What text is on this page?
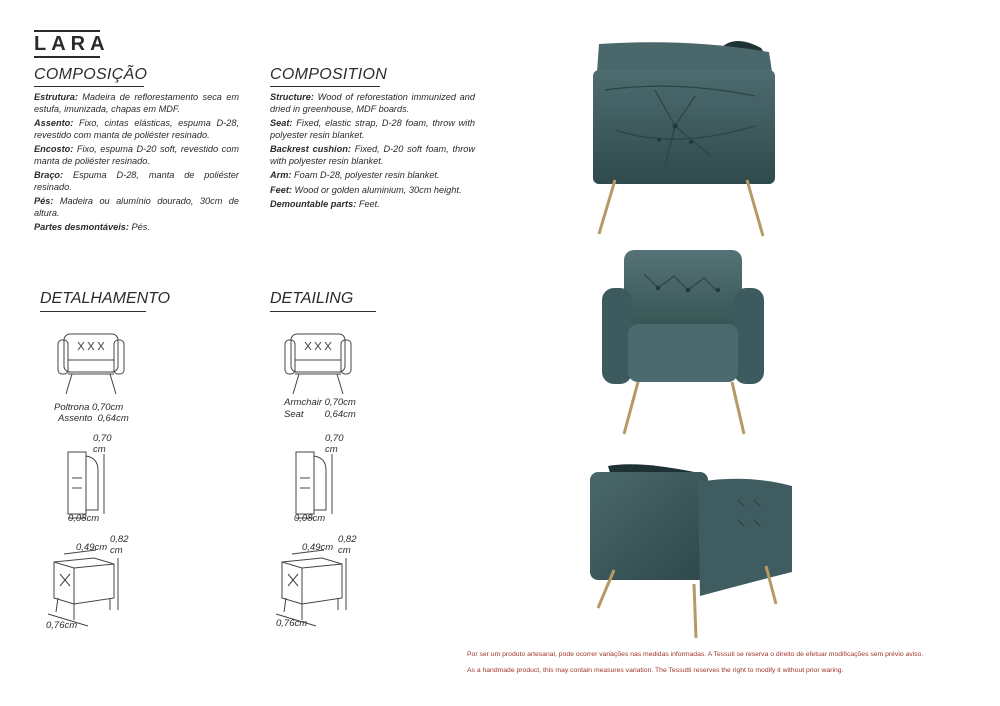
LARA
COMPOSIÇÃO

Estrutura: Madeira de reflorestamento seca em estufa, imunizada, chapas em MDF.

Assento: Fixo, cintas elásticas, espuma D-28, revestido com manta de poliéster resinado.

Encosto: Fixo, espuma D-20 soft, revestido com manta de poliéster resinado.

Braço: Espuma D-28, manta de poliéster resinado.

Pés: Madeira ou alumínio dourado, 30cm de altura.

Partes desmontáveis: Pés.

COMPOSITION

Structure: Wood of reforestation immunized and dried in greenhouse, MDF boards.

Seat: Fixed, elastic strap, D-28 foam, throw with polyester resin blanket.

Backrest cushion: Fixed, D-20 soft foam, throw with polyester resin blanket.

Arm: Foam D-28, polyester resin blanket.

Feet: Wood or golden aluminium, 30cm height.

Demountable parts: Feet.

DETALHAMENTO	DETAILING
Poltrona 0,70cm
Assento  0,64cm
0,70
cm
0,08cm
0,82
cm
0,49cm
0,76cm
Armchair 0,70cm
Seat        0,64cm
0,70
cm
0,08cm
0,82
cm
0,49cm
0,76cm
Por ser um produto artesanal, pode ocorrer variações nas medidas informadas. A Tessuti se reserva o direito de efetuar modificações sem prévio aviso.
As a handmade product, this may contain measures variation. The Tessutti reserves the right to modify it without prior waring.
